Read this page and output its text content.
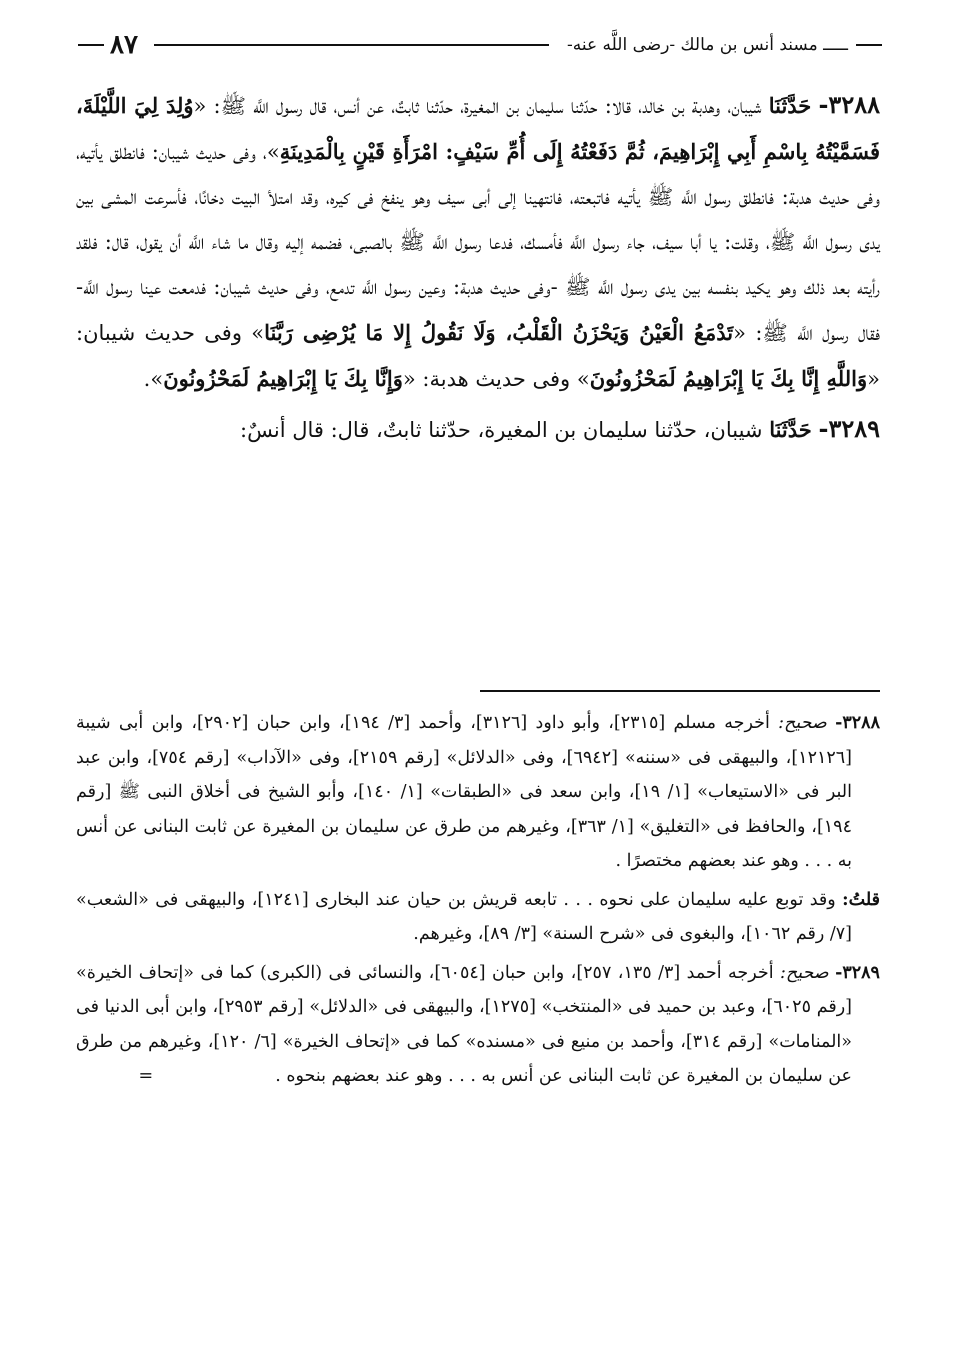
ـــــ مسند أنس بن مالك -رضى اللَّه عنه-
٨٧

٣٢٨٨- حَدَّثَنَا شيبان، وهدبة بن خالد، قالا: حدّثنا سليمان بن المغيرة، حدّثنا ثابتٌ، عن أنس، قال رسول اللَّه ﷺ: «وُلِدَ لِيَ اللَّيْلَةَ، فَسَمَّيْتُهُ بِاسْمِ أَبِي إِبْرَاهِيمَ، ثُمَّ دَفَعْتُهُ إِلَى أُمِّ سَيْفٍ: امْرَأَةِ قَيْنٍ بِالْمَدِينَةِ»، وفى حديث شيبان: فانطلق يأتيه، وفى حديث هدبة: فانطلق رسول اللَّه ﷺ يأتيه فاتبعته، فانتهينا إلى أبى سيف وهو ينفخ فى كيره، وقد امتلأ البيت دخانًا، فأسرعت المشى بين يدى رسول اللَّه ﷺ، وقلت: يا أبا سيف، جاء رسول اللَّه فأمسك، فدعا رسول اللَّه ﷺ بالصبى، فضمه إليه وقال ما شاء اللَّه أن يقول، قال: فلقد رأيته بعد ذلك وهو يكيد بنفسه بين يدى رسول اللَّه ﷺ -وفى حديث هدبة: وعين رسول اللَّه تدمع، وفى حديث شيبان: فدمعت عينا رسول اللَّه- فقال رسول اللَّه ﷺ: «تَدْمَعُ الْعَيْنُ وَيَحْزَنُ الْقَلْبُ، وَلَا نَقُولُ إِلا مَا يُرْضِى رَبَّنَا» وفى حديث شيبان: «وَاللَّهِ إِنَّا بِكَ يَا إِبْرَاهِيمُ لَمَحْزُونُونَ» وفى حديث هدبة: «وَإِنَّا بِكَ يَا إِبْرَاهِيمُ لَمَحْزُونُونَ».

٣٢٨٩- حَدَّثَنَا شيبان، حدّثنا سليمان بن المغيرة، حدّثنا ثابتٌ، قال: قال أنسٌ:

٣٢٨٨- صحيح: أخرجه مسلم [٢٣١٥]، وأبو داود [٣١٢٦]، وأحمد [٣/ ١٩٤]، وابن حبان [٢٩٠٢]، وابن أبى شيبة [١٢١٢٦]، والبيهقى فى «سننه» [٦٩٤٢]، وفى «الدلائل» [رقم ٢١٥٩]، وفى «الآداب» [رقم ٧٥٤]، وابن عبد البر فى «الاستيعاب» [١/ ١٩]، وابن سعد فى «الطبقات» [١/ ١٤٠]، وأبو الشيخ فى أخلاق النبى ﷺ [رقم ١٩٤]، والحافظ فى «التغليق» [١/ ٣٦٣]، وغيرهم من طرق عن سليمان بن المغيرة عن ثابت البنانى عن أنس به . . . وهو عند بعضهم مختصرًا .

قلتُ: وقد توبع عليه سليمان على نحوه . . . تابعه قريش بن حيان عند البخارى [١٢٤١]، والبيهقى فى «الشعب» [٧/ رقم ١٠٦٢]، والبغوى فى «شرح السنة» [٣/ ٨٩]، وغيرهم.

٣٢٨٩- صحيح: أخرجه أحمد [٣/ ١٣٥، ٢٥٧]، وابن حبان [٦٠٥٤]، والنسائى فى (الكبرى) كما فى «إتحاف الخيرة» [رقم ٦٠٢٥]، وعبد بن حميد فى «المنتخب» [١٢٧٥]، والبيهقى فى «الدلائل» [رقم ٢٩٥٣]، وابن أبى الدنيا فى «المنامات» [رقم ٣١٤]، وأحمد بن منيع فى «مسنده» كما فى «إتحاف الخيرة» [٦/ ١٢٠]، وغيرهم من طرق عن سليمان بن المغيرة عن ثابت البنانى عن أنس به . . . وهو عند بعضهم بنحوه .=
